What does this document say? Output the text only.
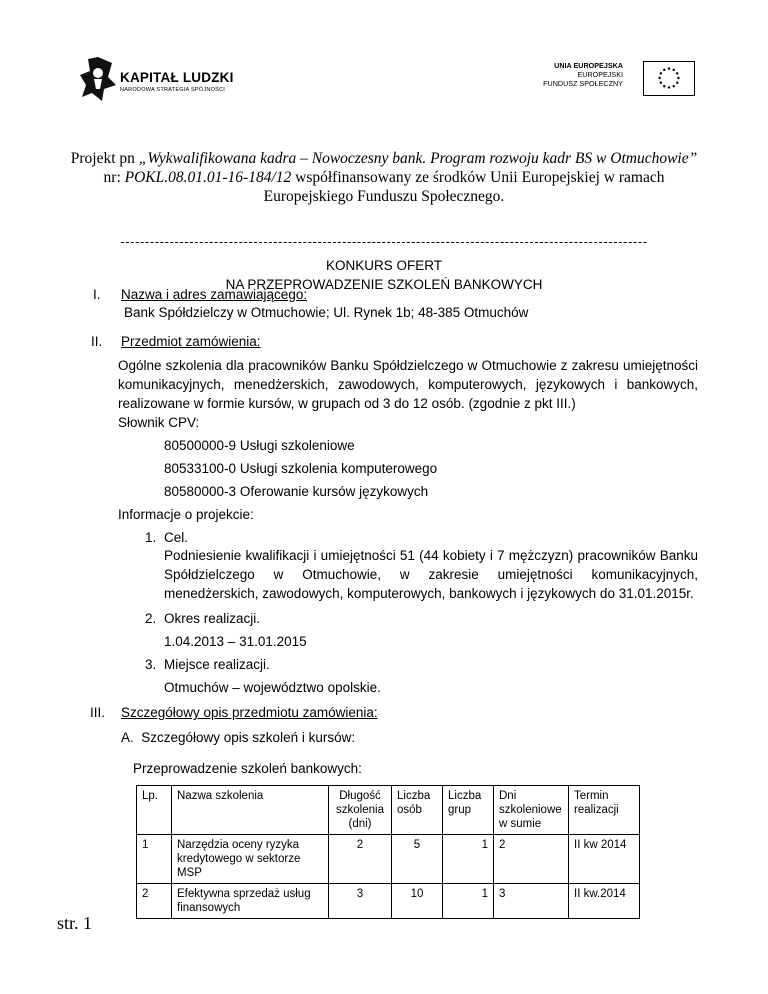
KAPITAŁ LUDZKI
NARODOWA STRATEGIA SPÓJNOŚCI
UNIA EUROPEJSKA
EUROPEJSKI
FUNDUSZ SPOŁECZNY
Projekt pn „Wykwalifikowana kadra – Nowoczesny bank. Program rozwoju kadr BS w Otmuchowie” nr: POKL.08.01.01-16-184/12 współfinansowany ze środków Unii Europejskiej w ramach Europejskiego Funduszu Społecznego.
-----------------------------------------------------------------------------------------------------------
KONKURS OFERT
NA PRZEPROWADZENIE SZKOLEŃ BANKOWYCH
I. Nazwa i adres zamawiającego:
Bank Spółdzielczy w Otmuchowie; Ul. Rynek 1b; 48-385 Otmuchów
II. Przedmiot zamówienia:
Ogólne szkolenia dla pracowników Banku Spółdzielczego w Otmuchowie z zakresu umiejętności komunikacyjnych, menedżerskich, zawodowych, komputerowych, językowych i bankowych, realizowane w formie kursów, w grupach od 3 do 12 osób. (zgodnie z pkt III.)
Słownik CPV:
80500000-9 Usługi szkoleniowe
80533100-0 Usługi szkolenia komputerowego
80580000-3 Oferowanie kursów językowych
Informacje o projekcie:
1. Cel.
Podniesienie kwalifikacji i umiejętności 51 (44 kobiety i 7 mężczyzn) pracowników Banku Spółdzielczego w Otmuchowie, w zakresie umiejętności komunikacyjnych, menedżerskich, zawodowych, komputerowych, bankowych i językowych do 31.01.2015r.
2. Okres realizacji.
1.04.2013 – 31.01.2015
3. Miejsce realizacji.
Otmuchów – województwo opolskie.
III. Szczegółowy opis przedmiotu zamówienia:
A.  Szczegółowy opis szkoleń i kursów:
Przeprowadzenie szkoleń bankowych:
Lp.	Nazwa szkolenia	Długość szkolenia (dni)	Liczba osób	Liczba grup	Dni szkoleniowe w sumie	Termin realizacji
1	Narzędzia oceny ryzyka kredytowego w sektorze MSP	2	5	1	2	II kw 2014
2	Efektywna sprzedaż usług finansowych	3	10	1	3	II kw.2014
str. 1
